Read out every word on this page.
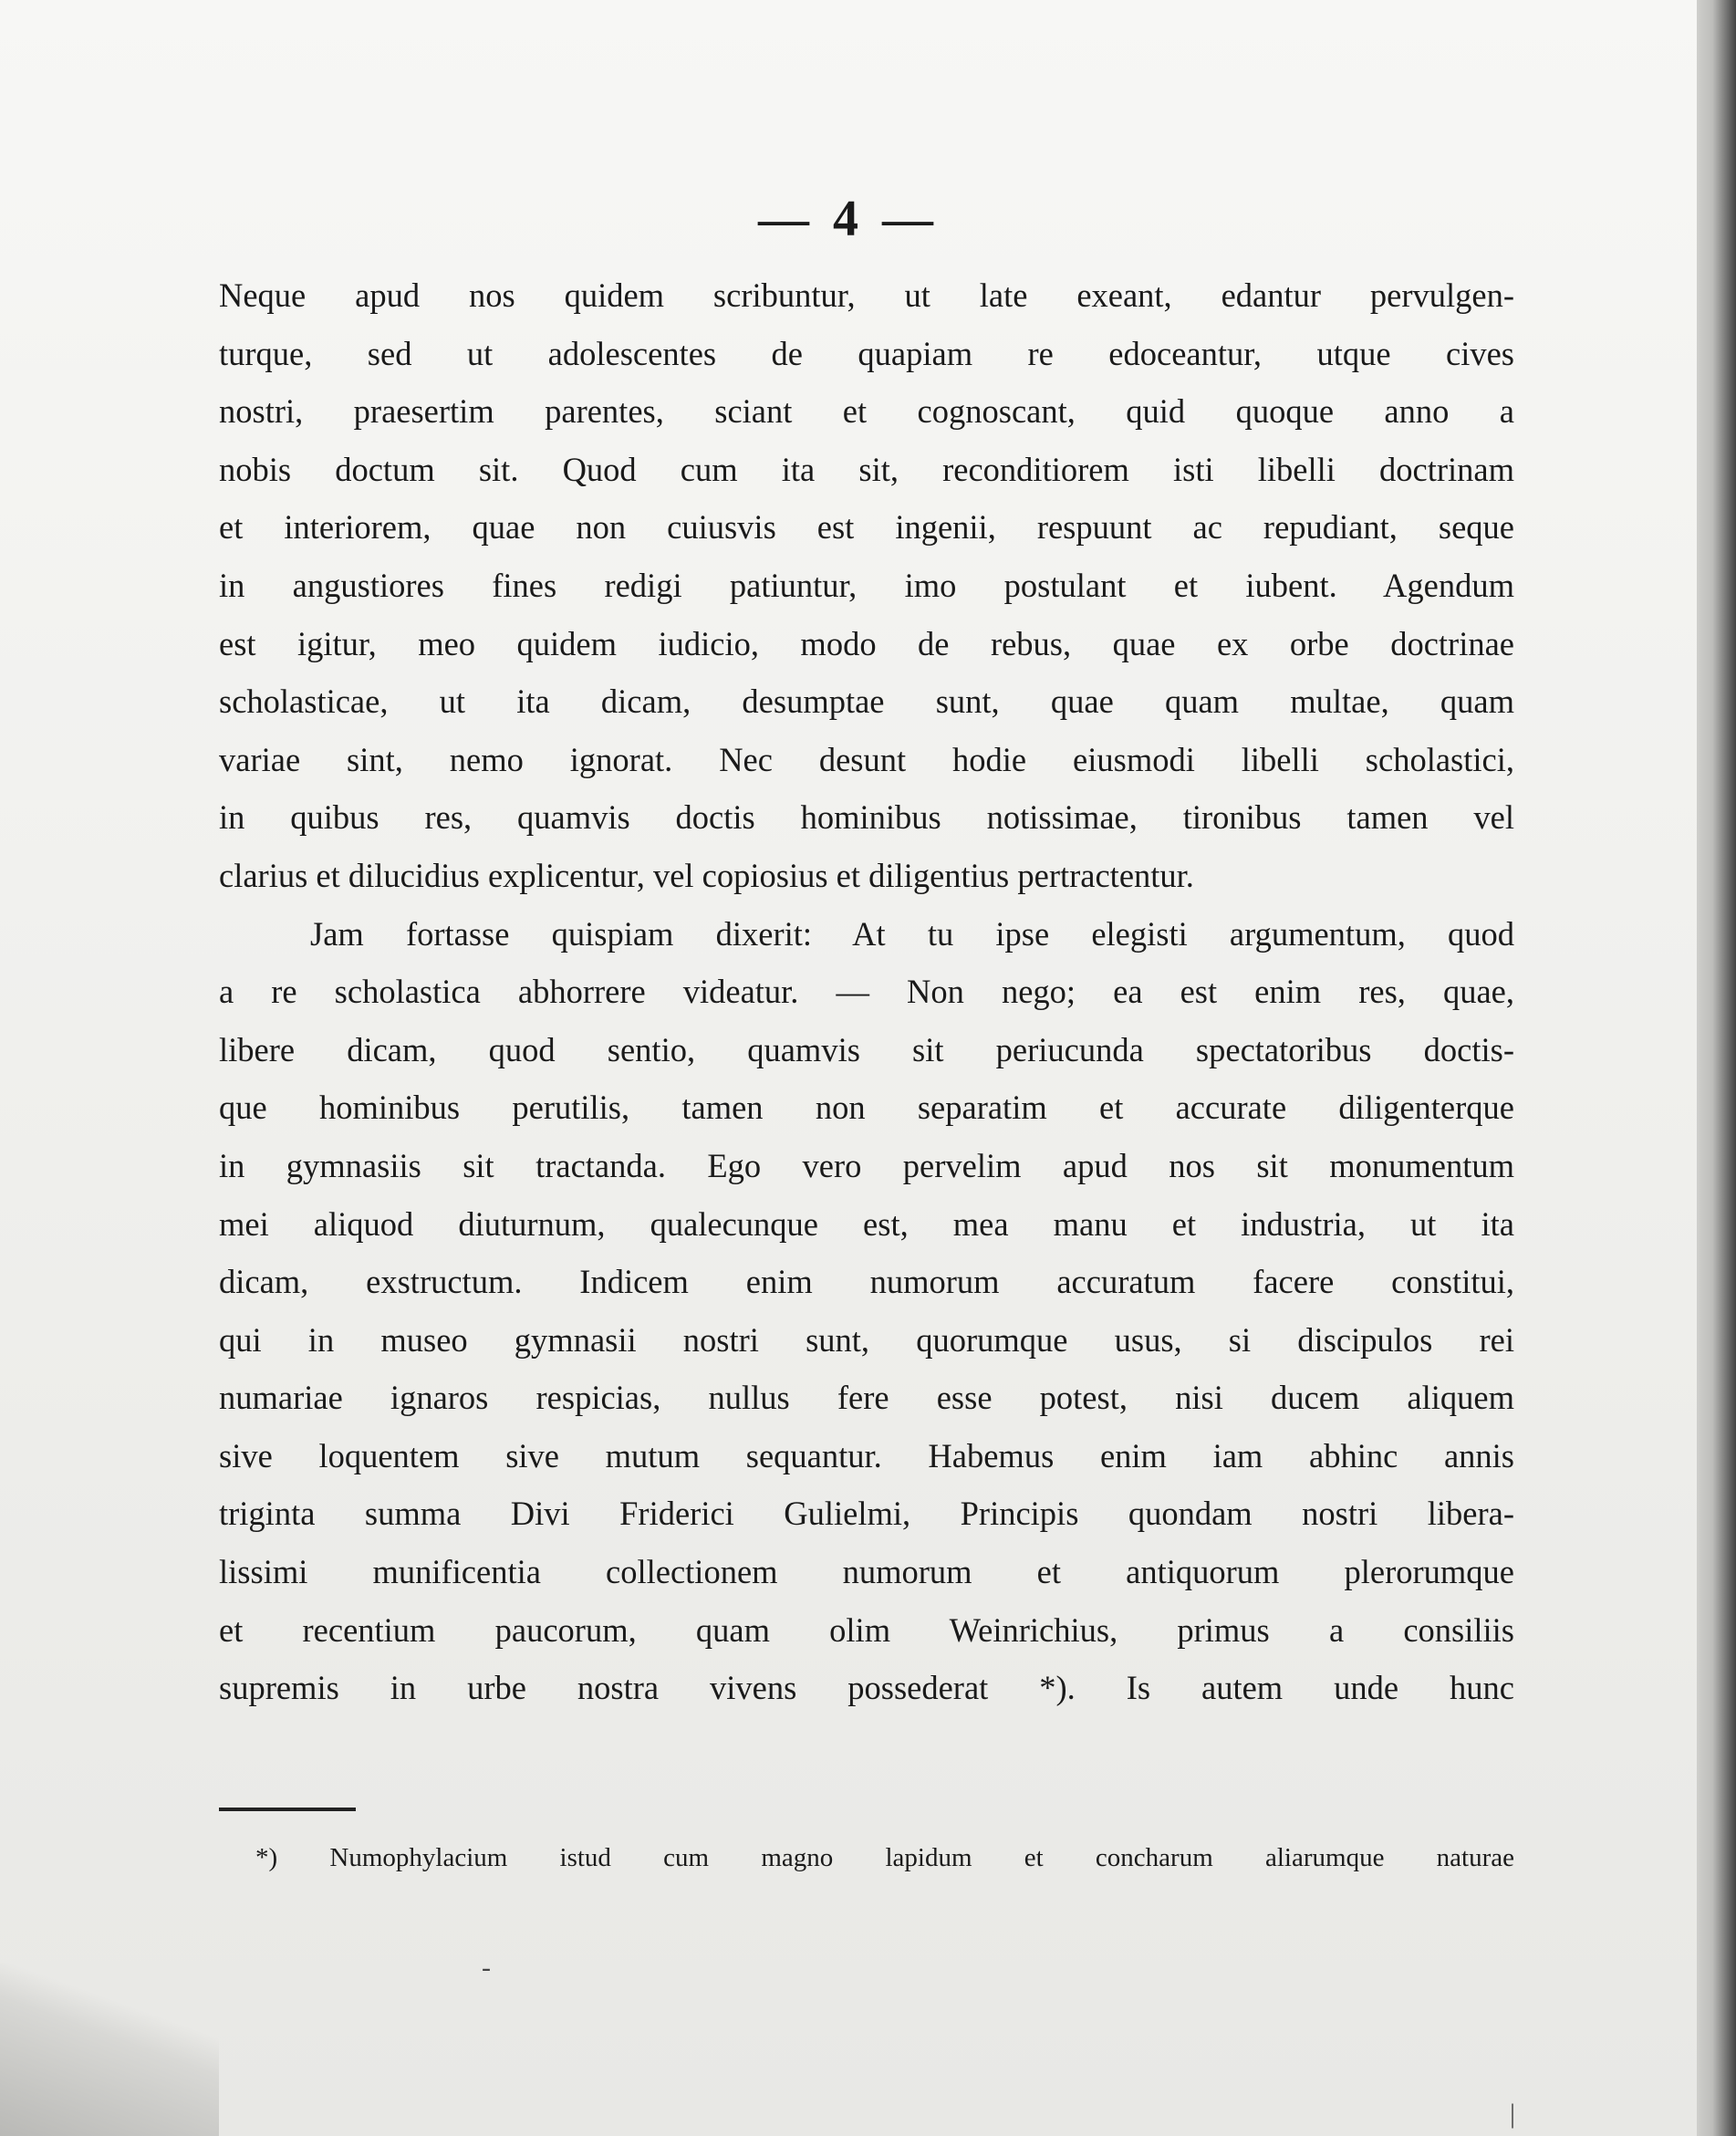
— 4 —
Neque apud nos quidem scribuntur, ut late exeant, edantur pervulgen-
turque, sed ut adolescentes de quapiam re edoceantur, utque cives
nostri, praesertim parentes, sciant et cognoscant, quid quoque anno a
nobis doctum sit. Quod cum ita sit, reconditiorem isti libelli doctrinam
et interiorem, quae non cuiusvis est ingenii, respuunt ac repudiant, seque
in angustiores fines redigi patiuntur, imo postulant et iubent. Agendum
est igitur, meo quidem iudicio, modo de rebus, quae ex orbe doctrinae
scholasticae, ut ita dicam, desumptae sunt, quae quam multae, quam
variae sint, nemo ignorat. Nec desunt hodie eiusmodi libelli scholastici,
in quibus res, quamvis doctis hominibus notissimae, tironibus tamen vel
clarius et dilucidius explicentur, vel copiosius et diligentius pertractentur.
Jam fortasse quispiam dixerit: At tu ipse elegisti argumentum, quod
a re scholastica abhorrere videatur. — Non nego; ea est enim res, quae,
libere dicam, quod sentio, quamvis sit periucunda spectatoribus doctis-
que hominibus perutilis, tamen non separatim et accurate diligenterque
in gymnasiis sit tractanda. Ego vero pervelim apud nos sit monumentum
mei aliquod diuturnum, qualecunque est, mea manu et industria, ut ita
dicam, exstructum. Indicem enim numorum accuratum facere constitui,
qui in museo gymnasii nostri sunt, quorumque usus, si discipulos rei
numariae ignaros respicias, nullus fere esse potest, nisi ducem aliquem
sive loquentem sive mutum sequantur. Habemus enim iam abhinc annis
triginta summa Divi Friderici Gulielmi, Principis quondam nostri libera-
lissimi munificentia collectionem numorum et antiquorum plerorumque
et recentium paucorum, quam olim Weinrichius, primus a consiliis
supremis in urbe nostra vivens possederat *). Is autem unde hunc
*) Numophylacium istud cum magno lapidum et concharum aliarumque naturae
-
|
